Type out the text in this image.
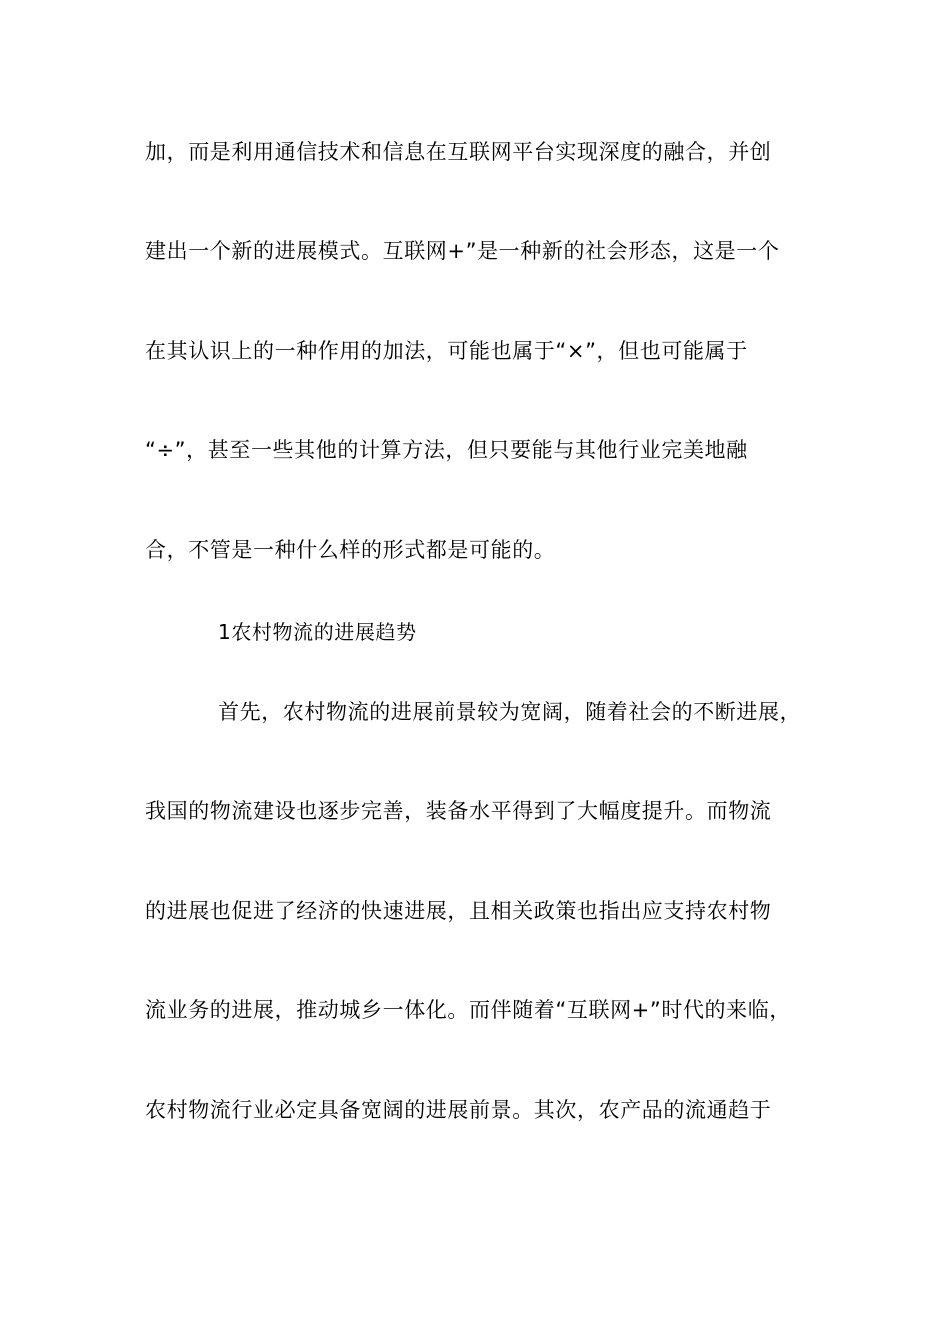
加，而是利用通信技术和信息在互联网平台实现深度的融合，并创
建出一个新的进展模式。互联网+”是一种新的社会形态，这是一个
在其认识上的一种作用的加法，可能也属于“×”，但也可能属于
“÷”，甚至一些其他的计算方法，但只要能与其他行业完美地融
合，不管是一种什么样的形式都是可能的。
1农村物流的进展趋势
首先，农村物流的进展前景较为宽阔，随着社会的不断进展，
我国的物流建设也逐步完善，装备水平得到了大幅度提升。而物流
的进展也促进了经济的快速进展，且相关政策也指出应支持农村物
流业务的进展，推动城乡一体化。而伴随着“互联网+”时代的来临，
农村物流行业必定具备宽阔的进展前景。其次，农产品的流通趋于
